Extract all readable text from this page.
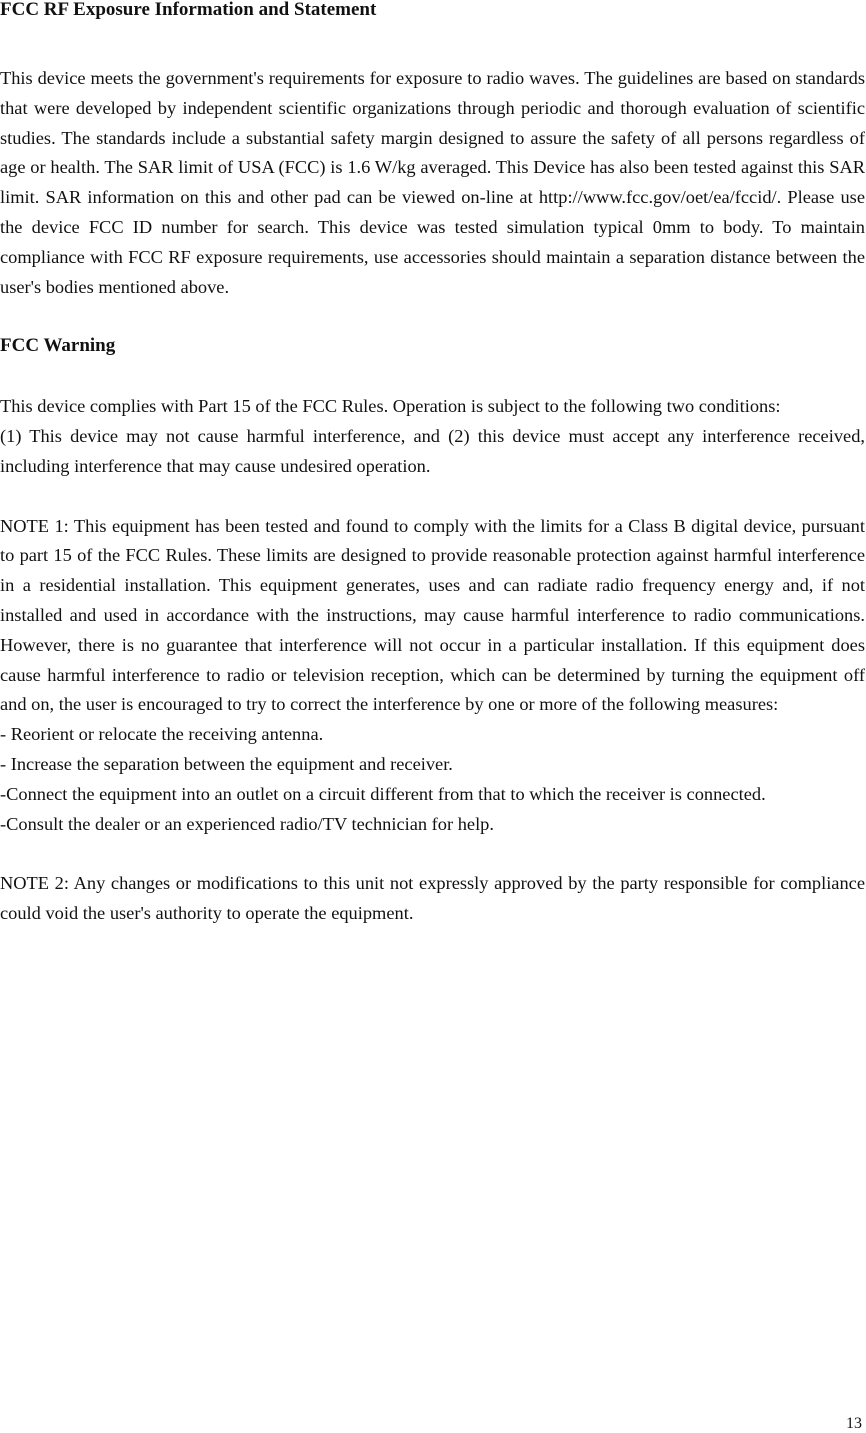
FCC RF Exposure Information and Statement

This device meets the government's requirements for exposure to radio waves. The guidelines are based on standards that were developed by independent scientific organizations through periodic and thorough evaluation of scientific studies. The standards include a substantial safety margin designed to assure the safety of all persons regardless of age or health. The SAR limit of USA (FCC) is 1.6 W/kg averaged. This Device has also been tested against this SAR limit. SAR information on this and other pad can be viewed on‐line at http://www.fcc.gov/oet/ea/fccid/. Please use the device FCC ID number for search. This device was tested simulation typical 0mm to body. To maintain compliance with FCC RF exposure requirements, use accessories should maintain a separation distance between the user's bodies mentioned above.

FCC Warning

This device complies with Part 15 of the FCC Rules. Operation is subject to the following two conditions:

(1) This device may not cause harmful interference, and (2) this device must accept any interference received, including interference that may cause undesired operation.

NOTE 1: This equipment has been tested and found to comply with the limits for a Class B digital device, pursuant to part 15 of the FCC Rules. These limits are designed to provide reasonable protection against harmful interference in a residential installation. This equipment generates, uses and can radiate radio frequency energy and, if not installed and used in accordance with the instructions, may cause harmful interference to radio communications. However, there is no guarantee that interference will not occur in a particular installation. If this equipment does cause harmful interference to radio or television reception, which can be determined by turning the equipment off and on, the user is encouraged to try to correct the interference by one or more of the following measures:

- Reorient or relocate the receiving antenna.

- Increase the separation between the equipment and receiver.

-Connect the equipment into an outlet on a circuit different from that to which the receiver is connected.

-Consult the dealer or an experienced radio/TV technician for help.

NOTE 2: Any changes or modifications to this unit not expressly approved by the party responsible for compliance could void the user's authority to operate the equipment.

13
